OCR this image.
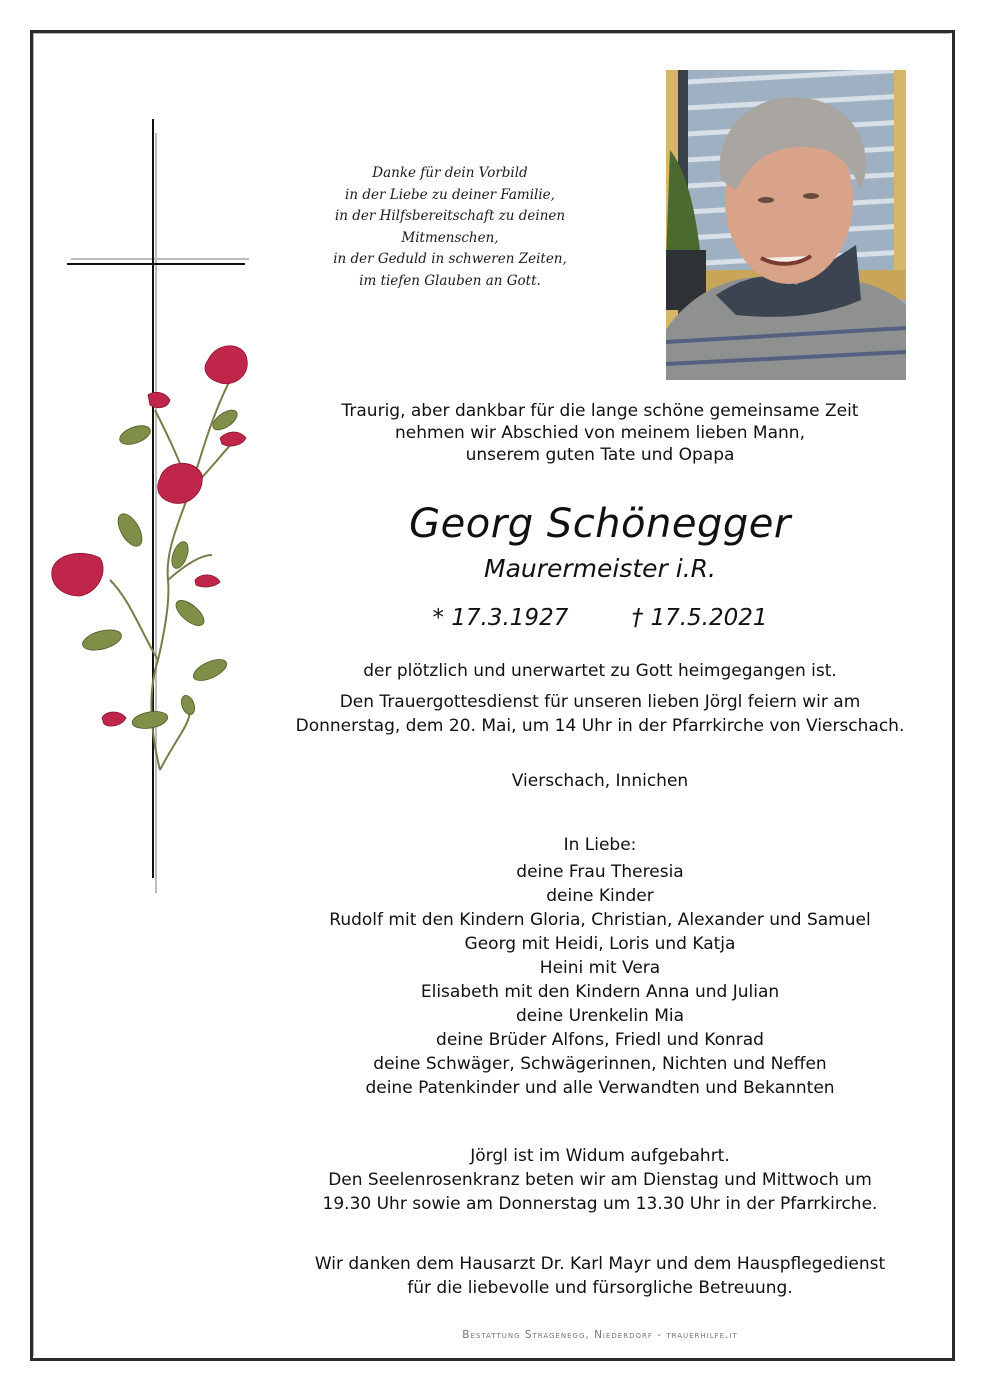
Danke für dein Vorbild
in der Liebe zu deiner Familie,
in der Hilfsbereitschaft zu deinen Mitmenschen,
in der Geduld in schweren Zeiten,
im tiefen Glauben an Gott.
Traurig, aber dankbar für die lange schöne gemeinsame Zeit
nehmen wir Abschied von meinem lieben Mann,
unserem guten Tate und Opapa
Georg Schönegger
Maurermeister i.R.
* 17.3.1927	† 17.5.2021
der plötzlich und unerwartet zu Gott heimgegangen ist.
Den Trauergottesdienst für unseren lieben Jörgl feiern wir am
Donnerstag, dem 20. Mai, um 14 Uhr in der Pfarrkirche von Vierschach.
Vierschach, Innichen
In Liebe:
deine Frau Theresia
deine Kinder
Rudolf mit den Kindern Gloria, Christian, Alexander und Samuel
Georg mit Heidi, Loris und Katja
Heini mit Vera
Elisabeth mit den Kindern Anna und Julian
deine Urenkelin Mia
deine Brüder Alfons, Friedl und Konrad
deine Schwäger, Schwägerinnen, Nichten und Neffen
deine Patenkinder und alle Verwandten und Bekannten
Jörgl ist im Widum aufgebahrt.
Den Seelenrosenkranz beten wir am Dienstag und Mittwoch um
19.30 Uhr sowie am Donnerstag um 13.30 Uhr in der Pfarrkirche.
Wir danken dem Hausarzt Dr. Karl Mayr und dem Hauspflegedienst
für die liebevolle und fürsorgliche Betreuung.
Bestattung Stragenegg, Niederdorf - trauerhilfe.it
